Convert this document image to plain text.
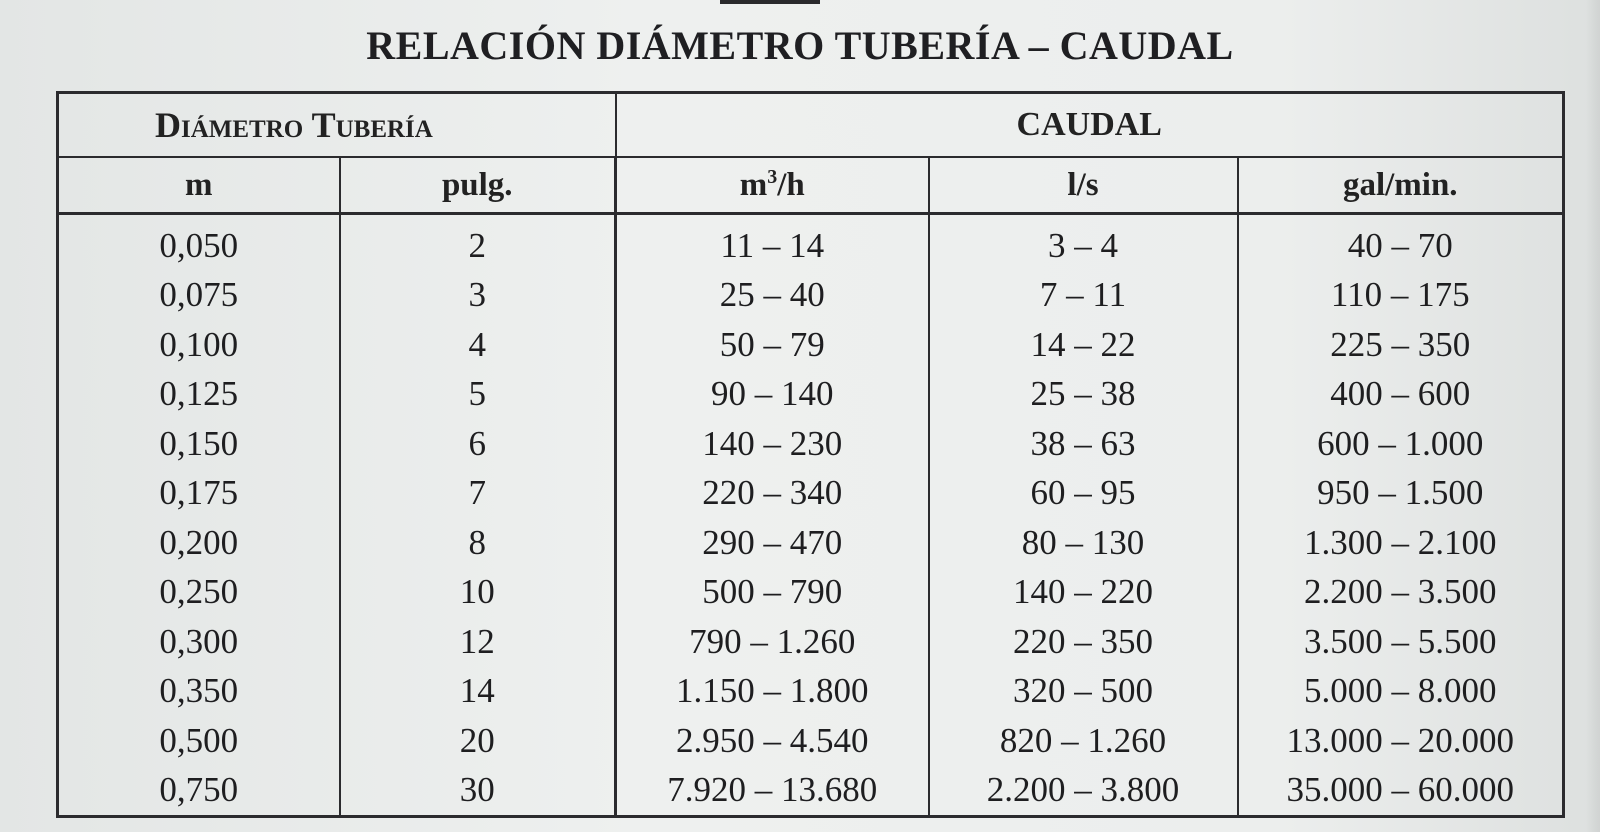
RELACIÓN DIÁMETRO TUBERÍA – CAUDAL
Diámetro Tubería		CAUDAL		
m	pulg.	$m^3/h$	l/s	gal/min.
0,050	2	11 – 14	3 – 4	40 – 70
0,075	3	25 – 40	7 – 11	110 – 175
0,100	4	50 – 79	14 – 22	225 – 350
0,125	5	90 – 140	25 – 38	400 – 600
0,150	6	140 – 230	38 – 63	600 – 1.000
0,175	7	220 – 340	60 – 95	950 – 1.500
0,200	8	290 – 470	80 – 130	1.300 – 2.100
0,250	10	500 – 790	140 – 220	2.200 – 3.500
0,300	12	790 – 1.260	220 – 350	3.500 – 5.500
0,350	14	1.150 – 1.800	320 – 500	5.000 – 8.000
0,500	20	2.950 – 4.540	820 – 1.260	13.000 – 20.000
0,750	30	7.920 – 13.680	2.200 – 3.800	35.000 – 60.000
